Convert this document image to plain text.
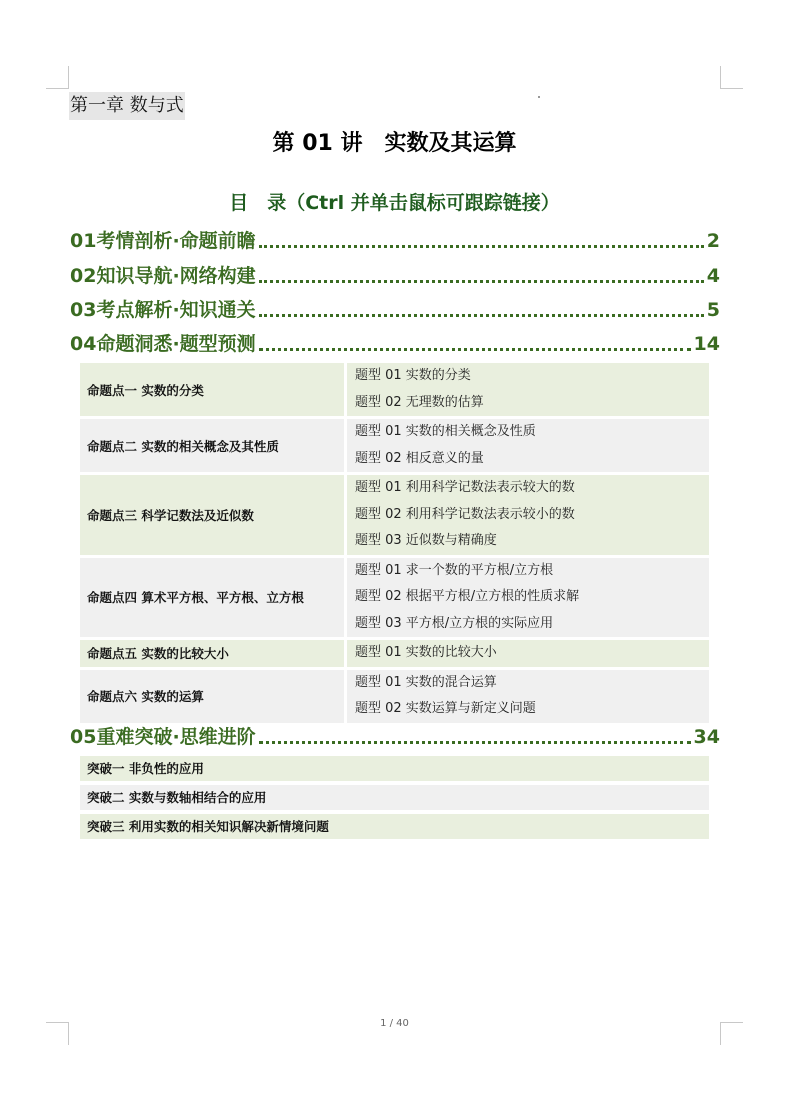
第一章 数与式
第 01 讲　实数及其运算
目　录（Ctrl 并单击鼠标可跟踪链接）
01考情剖析·命题前瞻	2
02知识导航·网络构建	4
03考点解析·知识通关	5
04命题洞悉·题型预测	14
命题点一 实数的分类
题型 01 实数的分类
题型 02 无理数的估算
命题点二 实数的相关概念及其性质
题型 01 实数的相关概念及性质
题型 02 相反意义的量
命题点三 科学记数法及近似数
题型 01 利用科学记数法表示较大的数
题型 02 利用科学记数法表示较小的数
题型 03 近似数与精确度
命题点四 算术平方根、平方根、立方根
题型 01 求一个数的平方根/立方根
题型 02 根据平方根/立方根的性质求解
题型 03 平方根/立方根的实际应用
命题点五 实数的比较大小	题型 01 实数的比较大小
命题点六 实数的运算
题型 01 实数的混合运算
题型 02 实数运算与新定义问题
05重难突破·思维进阶	34
突破一 非负性的应用
突破二 实数与数轴相结合的应用
突破三 利用实数的相关知识解决新情境问题
1 / 40
